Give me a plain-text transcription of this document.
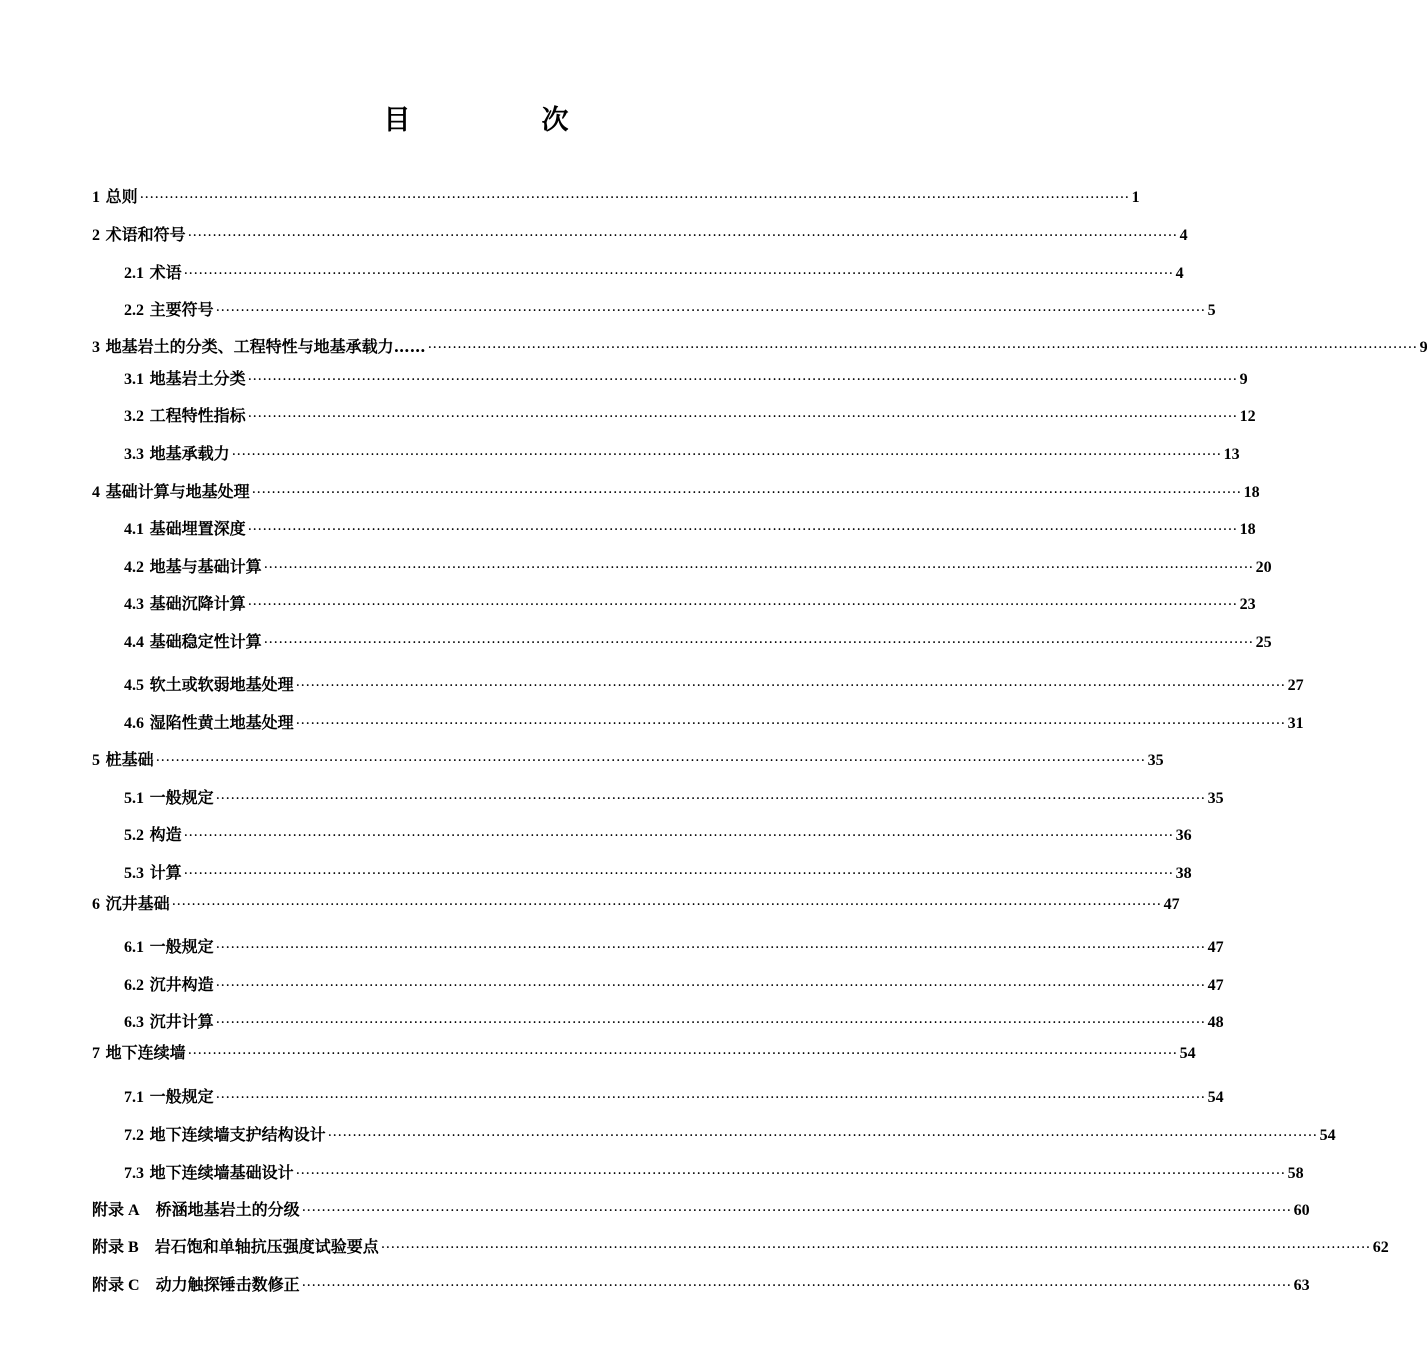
目　次
1 总则 ········································································································································································································ 1
2 术语和符号 ········································································································································································································ 4
2.1 术语 ········································································································································································································ 4
2.2 主要符号 ········································································································································································································ 5
3 地基岩土的分类、工程特性与地基承载力…… ········································································································································································································ 9
3.1 地基岩土分类 ········································································································································································································ 9
3.2 工程特性指标 ········································································································································································································ 12
3.3 地基承载力 ········································································································································································································ 13
4 基础计算与地基处理 ········································································································································································································ 18
4.1 基础埋置深度 ········································································································································································································ 18
4.2 地基与基础计算 ········································································································································································································ 20
4.3 基础沉降计算 ········································································································································································································ 23
4.4 基础稳定性计算 ········································································································································································································ 25
4.5 软土或软弱地基处理 ········································································································································································································ 27
4.6 湿陷性黄土地基处理 ········································································································································································································ 31
5 桩基础 ········································································································································································································ 35
5.1 一般规定 ········································································································································································································ 35
5.2 构造 ········································································································································································································ 36
5.3 计算 ········································································································································································································ 38
6 沉井基础 ········································································································································································································ 47
6.1 一般规定 ········································································································································································································ 47
6.2 沉井构造 ········································································································································································································ 47
6.3 沉井计算 ········································································································································································································ 48
7 地下连续墙 ········································································································································································································ 54
7.1 一般规定 ········································································································································································································ 54
7.2 地下连续墙支护结构设计 ········································································································································································································ 54
7.3 地下连续墙基础设计 ········································································································································································································ 58
附录 A　 桥涵地基岩土的分级 ········································································································································································································ 60
附录 B　 岩石饱和单轴抗压强度试验要点 ········································································································································································································ 62
附录 C　 动力触探锤击数修正 ········································································································································································································ 63
